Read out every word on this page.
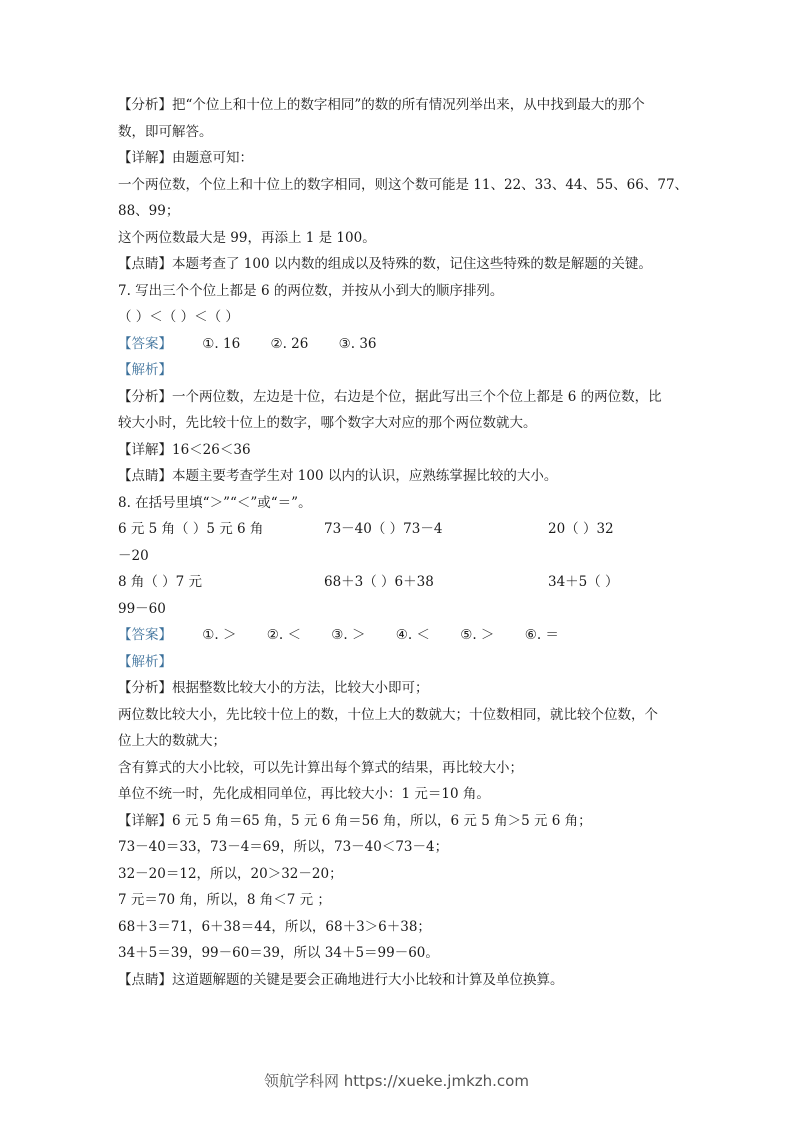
【分析】把“个位上和十位上的数字相同”的数的所有情况列举出来，从中找到最大的那个
数，即可解答。
【详解】由题意可知：
一个两位数，个位上和十位上的数字相同，则这个数可能是 11、22、33、44、55、66、77、
88、99；
这个两位数最大是 99，再添上 1 是 100。
【点睛】本题考查了 100 以内数的组成以及特殊的数，记住这些特殊的数是解题的关键。
7. 写出三个个位上都是 6 的两位数，并按从小到大的顺序排列。
（ ）＜（ ）＜（ ）
【答案】 ①. 16 ②. 26 ③. 36
【解析】
【分析】一个两位数，左边是十位，右边是个位，据此写出三个个位上都是 6 的两位数，比
较大小时，先比较十位上的数字，哪个数字大对应的那个两位数就大。
【详解】16＜26＜36
【点睛】本题主要考查学生对 100 以内的认识，应熟练掌握比较的大小。
8. 在括号里填“＞”“＜”或“＝”。
6 元 5 角（ ）5 元 6 角	73－40（ ）73－4	20（ ）32
－20
8 角（ ）7 元	68＋3（ ）6＋38	34＋5（ ）
99－60
【答案】 ①. ＞ ②. ＜ ③. ＞ ④. ＜ ⑤. ＞ ⑥. ＝
【解析】
【分析】根据整数比较大小的方法，比较大小即可；
两位数比较大小，先比较十位上的数，十位上大的数就大；十位数相同，就比较个位数，个
位上大的数就大；
含有算式的大小比较，可以先计算出每个算式的结果，再比较大小；
单位不统一时，先化成相同单位，再比较大小：1 元＝10 角。
【详解】6 元 5 角＝65 角，5 元 6 角＝56 角，所以，6 元 5 角＞5 元 6 角；
73－40＝33，73－4＝69，所以，73－40＜73－4；
32－20＝12，所以，20＞32－20；
7 元＝70 角，所以，8 角＜7 元 ；
68＋3＝71，6＋38＝44，所以，68＋3＞6＋38；
34＋5＝39，99－60＝39，所以 34＋5＝99－60。
【点睛】这道题解题的关键是要会正确地进行大小比较和计算及单位换算。
领航学科网 https://xueke.jmkzh.com
